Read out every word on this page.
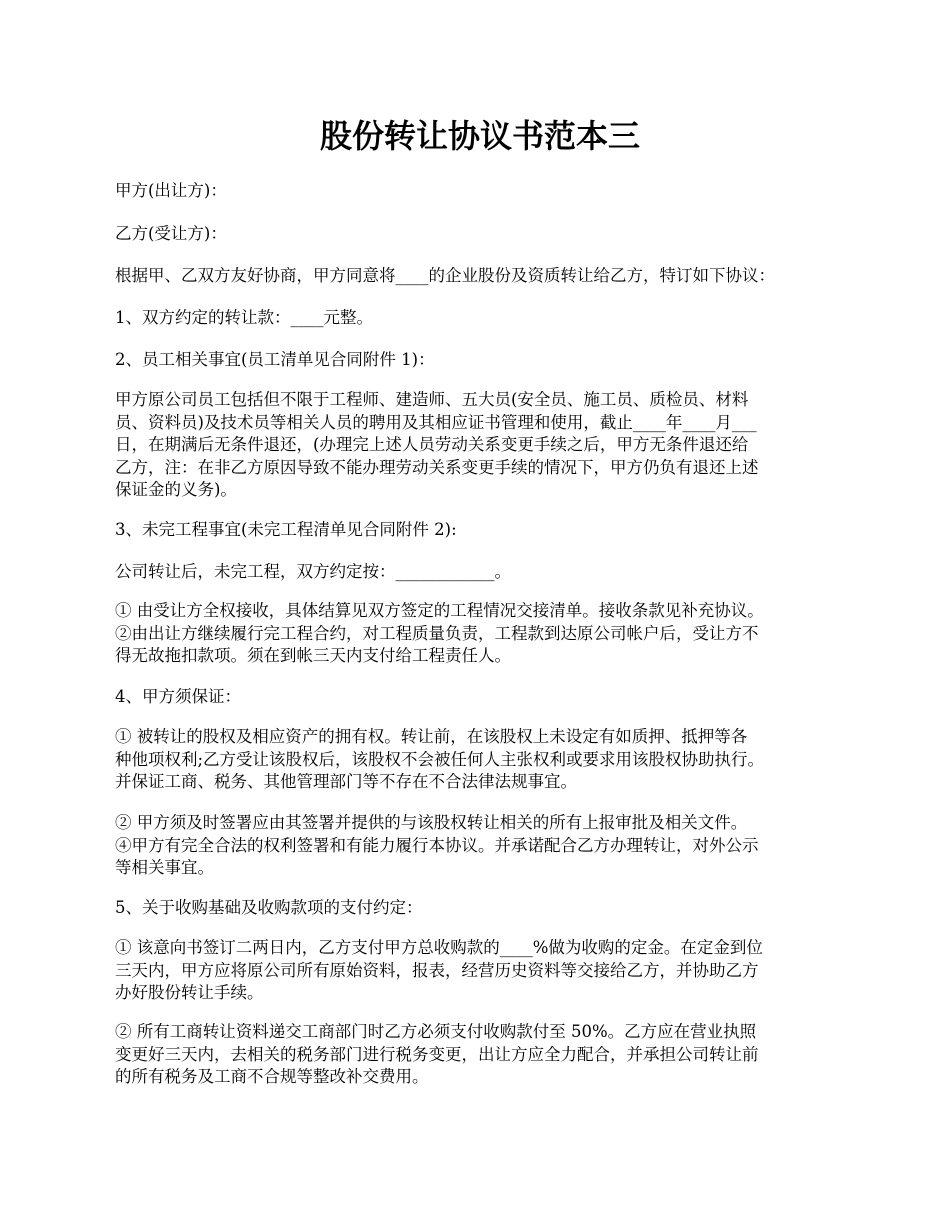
股份转让协议书范本三
甲方(出让方)：
乙方(受让方)：
根据甲、乙双方友好协商，甲方同意将____的企业股份及资质转让给乙方，特订如下协议：
1、双方约定的转让款：____元整。
2、员工相关事宜(员工清单见合同附件 1)：
甲方原公司员工包括但不限于工程师、建造师、五大员(安全员、施工员、质检员、材料
员、资料员)及技术员等相关人员的聘用及其相应证书管理和使用，截止____年____月___
日，在期满后无条件退还，(办理完上述人员劳动关系变更手续之后，甲方无条件退还给
乙方，注：在非乙方原因导致不能办理劳动关系变更手续的情况下，甲方仍负有退还上述
保证金的义务)。
3、未完工程事宜(未完工程清单见合同附件 2):
公司转让后，未完工程，双方约定按：____________。
① 由受让方全权接收，具体结算见双方签定的工程情况交接清单。接收条款见补充协议。
②由出让方继续履行完工程合约，对工程质量负责，工程款到达原公司帐户后，受让方不
得无故拖扣款项。须在到帐三天内支付给工程责任人。
4、甲方须保证：
① 被转让的股权及相应资产的拥有权。转让前，在该股权上未设定有如质押、抵押等各
种他项权利;乙方受让该股权后，该股权不会被任何人主张权利或要求用该股权协助执行。
并保证工商、税务、其他管理部门等不存在不合法律法规事宜。
② 甲方须及时签署应由其签署并提供的与该股权转让相关的所有上报审批及相关文件。
④甲方有完全合法的权利签署和有能力履行本协议。并承诺配合乙方办理转让，对外公示
等相关事宜。
5、关于收购基础及收购款项的支付约定：
① 该意向书签订二两日内，乙方支付甲方总收购款的____%做为收购的定金。在定金到位
三天内，甲方应将原公司所有原始资料，报表，经营历史资料等交接给乙方，并协助乙方
办好股份转让手续。
② 所有工商转让资料递交工商部门时乙方必须支付收购款付至 50%。乙方应在营业执照
变更好三天内，去相关的税务部门进行税务变更，出让方应全力配合，并承担公司转让前
的所有税务及工商不合规等整改补交费用。
